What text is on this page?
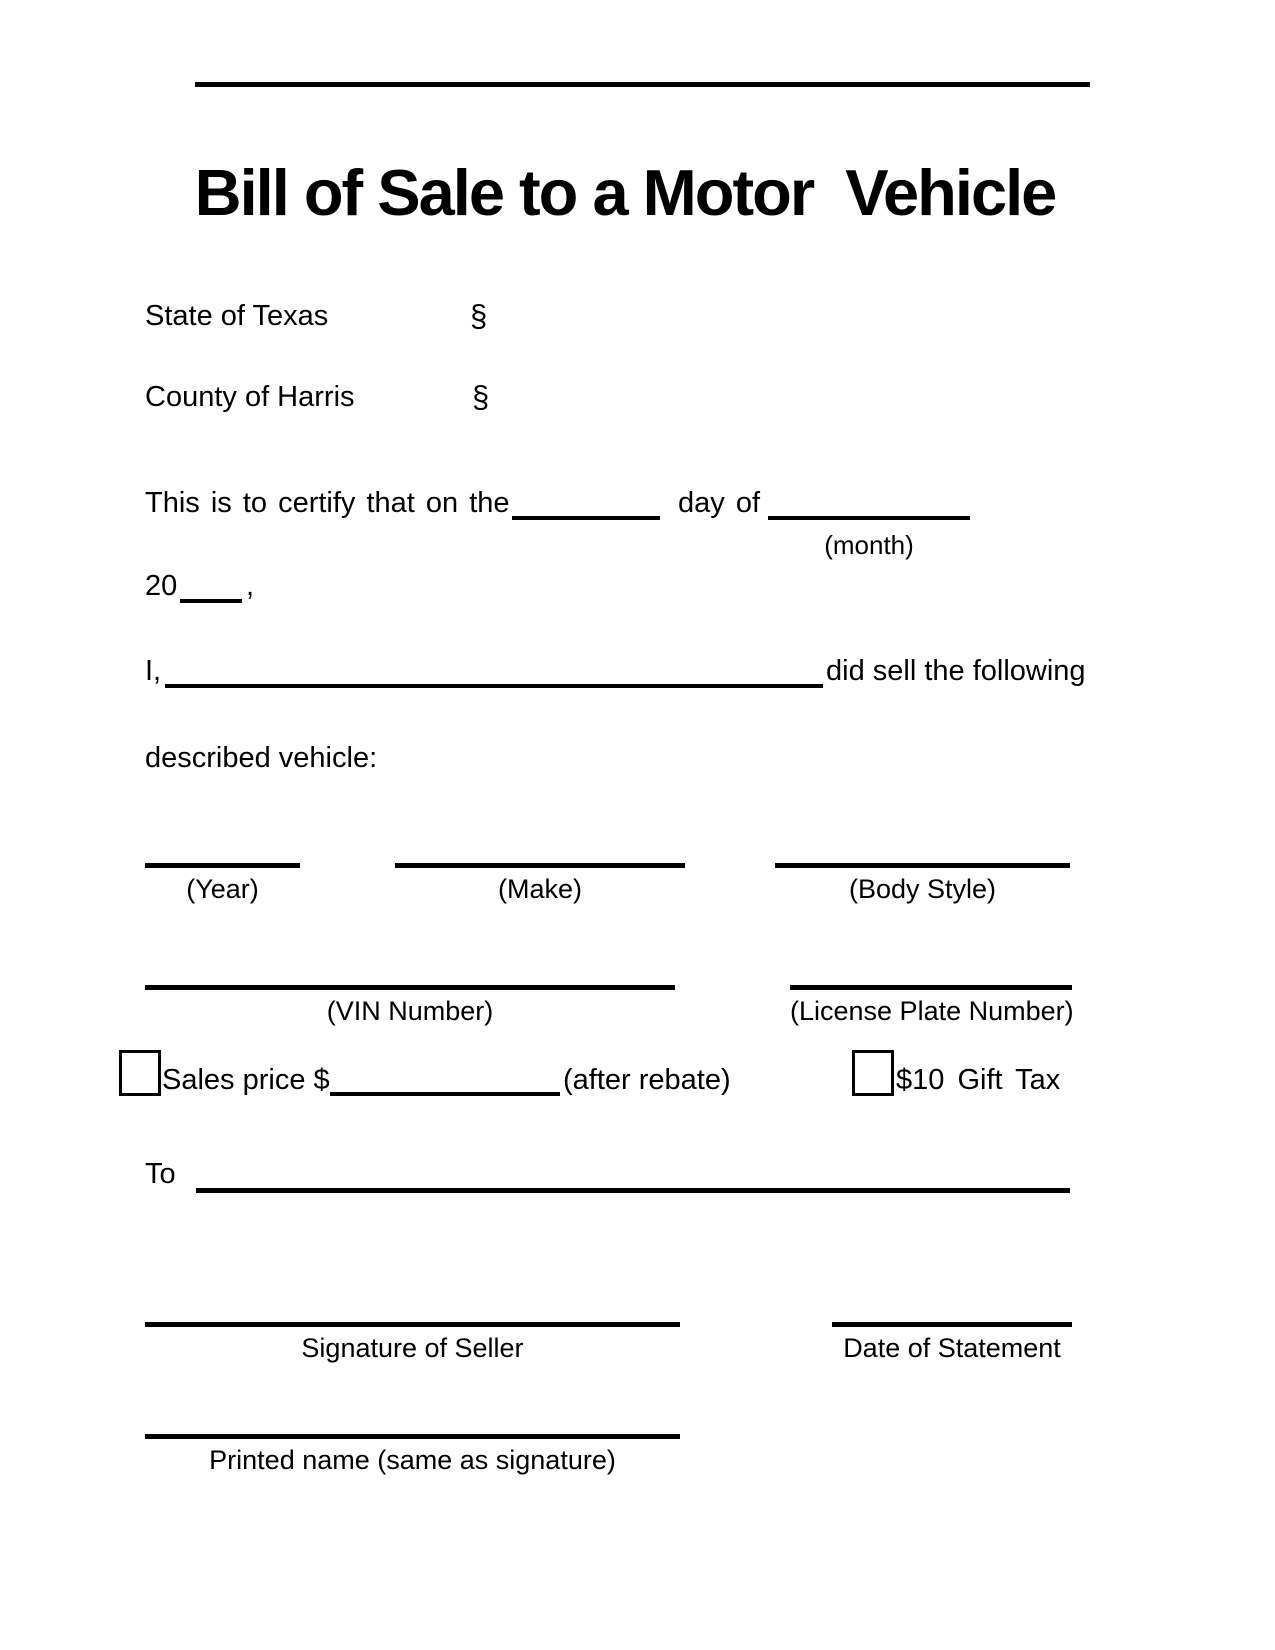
Bill of Sale to a Motor  Vehicle
State of Texas	§
County of Harris	§
This is to certify that on the	day of
(month)
20 ,
I,	did sell the following
described vehicle:
(Year)	(Make)	(Body Style)
(VIN Number)	(License Plate Number)
Sales price $	(after rebate)	$10 Gift Tax
To
Signature of Seller	Date of Statement
Printed name (same as signature)
